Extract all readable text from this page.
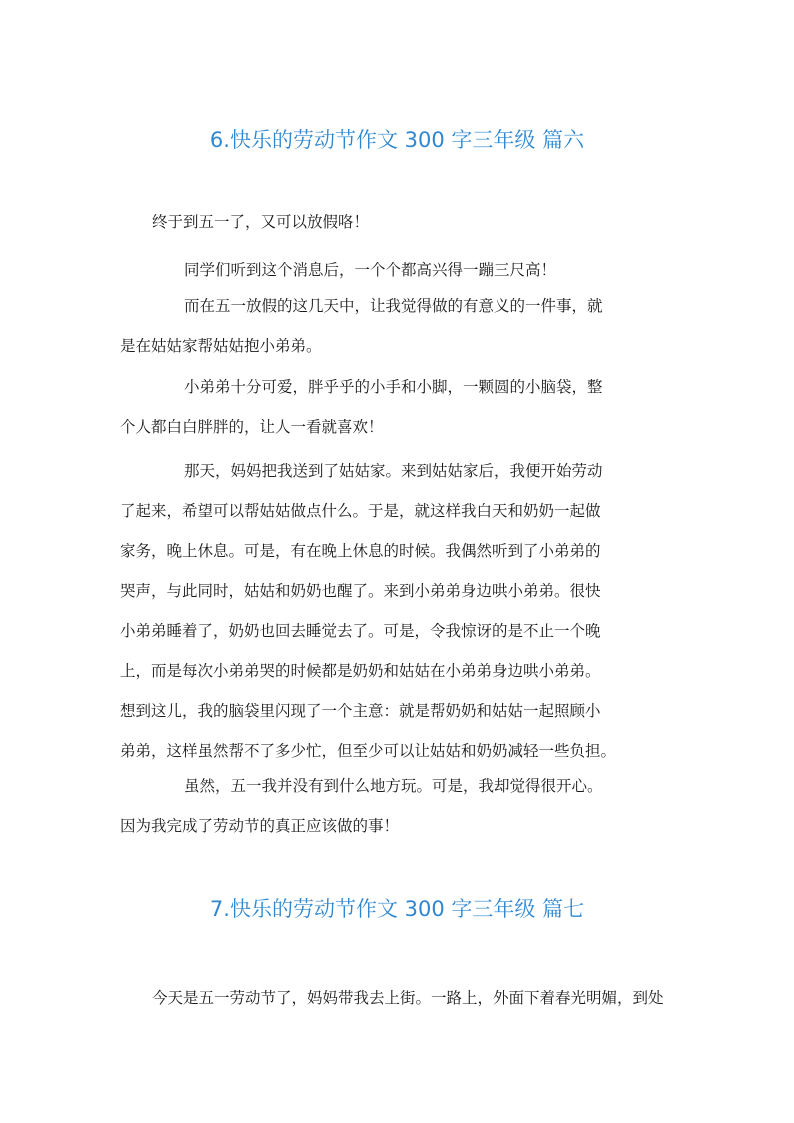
6.快乐的劳动节作文 300 字三年级 篇六
终于到五一了，又可以放假咯！
同学们听到这个消息后，一个个都高兴得一蹦三尺高！
而在五一放假的这几天中，让我觉得做的有意义的一件事，就
是在姑姑家帮姑姑抱小弟弟。
小弟弟十分可爱，胖乎乎的小手和小脚，一颗圆的小脑袋，整
个人都白白胖胖的，让人一看就喜欢！
那天，妈妈把我送到了姑姑家。来到姑姑家后，我便开始劳动
了起来，希望可以帮姑姑做点什么。于是，就这样我白天和奶奶一起做
家务，晚上休息。可是，有在晚上休息的时候。我偶然听到了小弟弟的
哭声，与此同时，姑姑和奶奶也醒了。来到小弟弟身边哄小弟弟。很快
小弟弟睡着了，奶奶也回去睡觉去了。可是，令我惊讶的是不止一个晚
上，而是每次小弟弟哭的时候都是奶奶和姑姑在小弟弟身边哄小弟弟。
想到这儿，我的脑袋里闪现了一个主意：就是帮奶奶和姑姑一起照顾小
弟弟，这样虽然帮不了多少忙，但至少可以让姑姑和奶奶减轻一些负担。
虽然，五一我并没有到什么地方玩。可是，我却觉得很开心。
因为我完成了劳动节的真正应该做的事！
7.快乐的劳动节作文 300 字三年级 篇七
今天是五一劳动节了，妈妈带我去上街。一路上，外面下着春光明媚，到处
